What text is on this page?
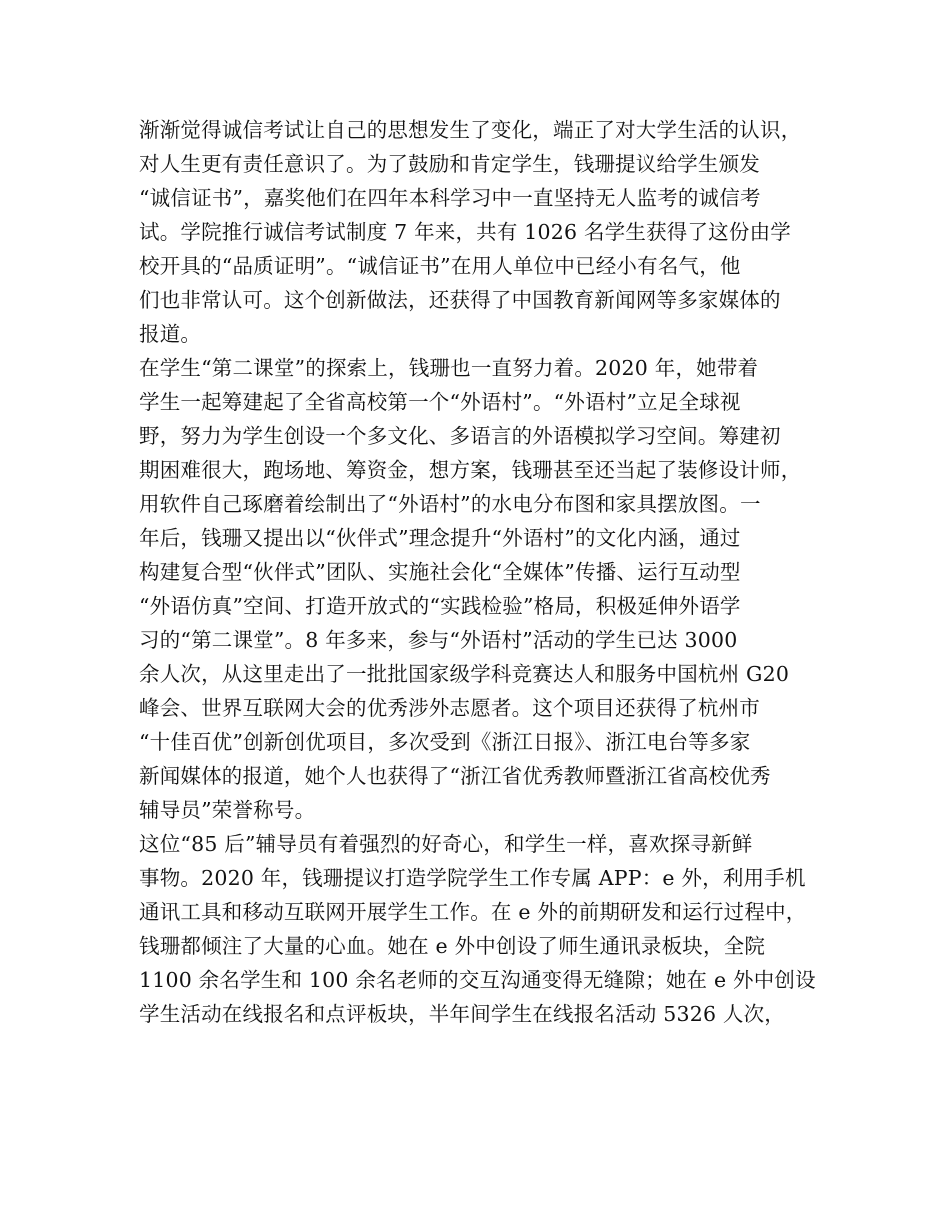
渐渐觉得诚信考试让自己的思想发生了变化，端正了对大学生活的认识，
对人生更有责任意识了。为了鼓励和肯定学生，钱珊提议给学生颁发
“诚信证书”，嘉奖他们在四年本科学习中一直坚持无人监考的诚信考
试。学院推行诚信考试制度 7 年来，共有 1026 名学生获得了这份由学
校开具的“品质证明”。“诚信证书”在用人单位中已经小有名气，他
们也非常认可。这个创新做法，还获得了中国教育新闻网等多家媒体的
报道。
在学生“第二课堂”的探索上，钱珊也一直努力着。2020 年，她带着
学生一起筹建起了全省高校第一个“外语村”。“外语村”立足全球视
野，努力为学生创设一个多文化、多语言的外语模拟学习空间。筹建初
期困难很大，跑场地、筹资金，想方案，钱珊甚至还当起了装修设计师，
用软件自己琢磨着绘制出了“外语村”的水电分布图和家具摆放图。一
年后，钱珊又提出以“伙伴式”理念提升“外语村”的文化内涵，通过
构建复合型“伙伴式”团队、实施社会化“全媒体”传播、运行互动型
“外语仿真”空间、打造开放式的“实践检验”格局，积极延伸外语学
习的“第二课堂”。8 年多来，参与“外语村”活动的学生已达 3000
余人次，从这里走出了一批批国家级学科竞赛达人和服务中国杭州 G20
峰会、世界互联网大会的优秀涉外志愿者。这个项目还获得了杭州市
“十佳百优”创新创优项目，多次受到《浙江日报》、浙江电台等多家
新闻媒体的报道，她个人也获得了“浙江省优秀教师暨浙江省高校优秀
辅导员”荣誉称号。
这位“85 后”辅导员有着强烈的好奇心，和学生一样，喜欢探寻新鲜
事物。2020 年，钱珊提议打造学院学生工作专属 APP：e 外，利用手机
通讯工具和移动互联网开展学生工作。在 e 外的前期研发和运行过程中，
钱珊都倾注了大量的心血。她在 e 外中创设了师生通讯录板块，全院
1100 余名学生和 100 余名老师的交互沟通变得无缝隙；她在 e 外中创设
学生活动在线报名和点评板块，半年间学生在线报名活动 5326 人次，
